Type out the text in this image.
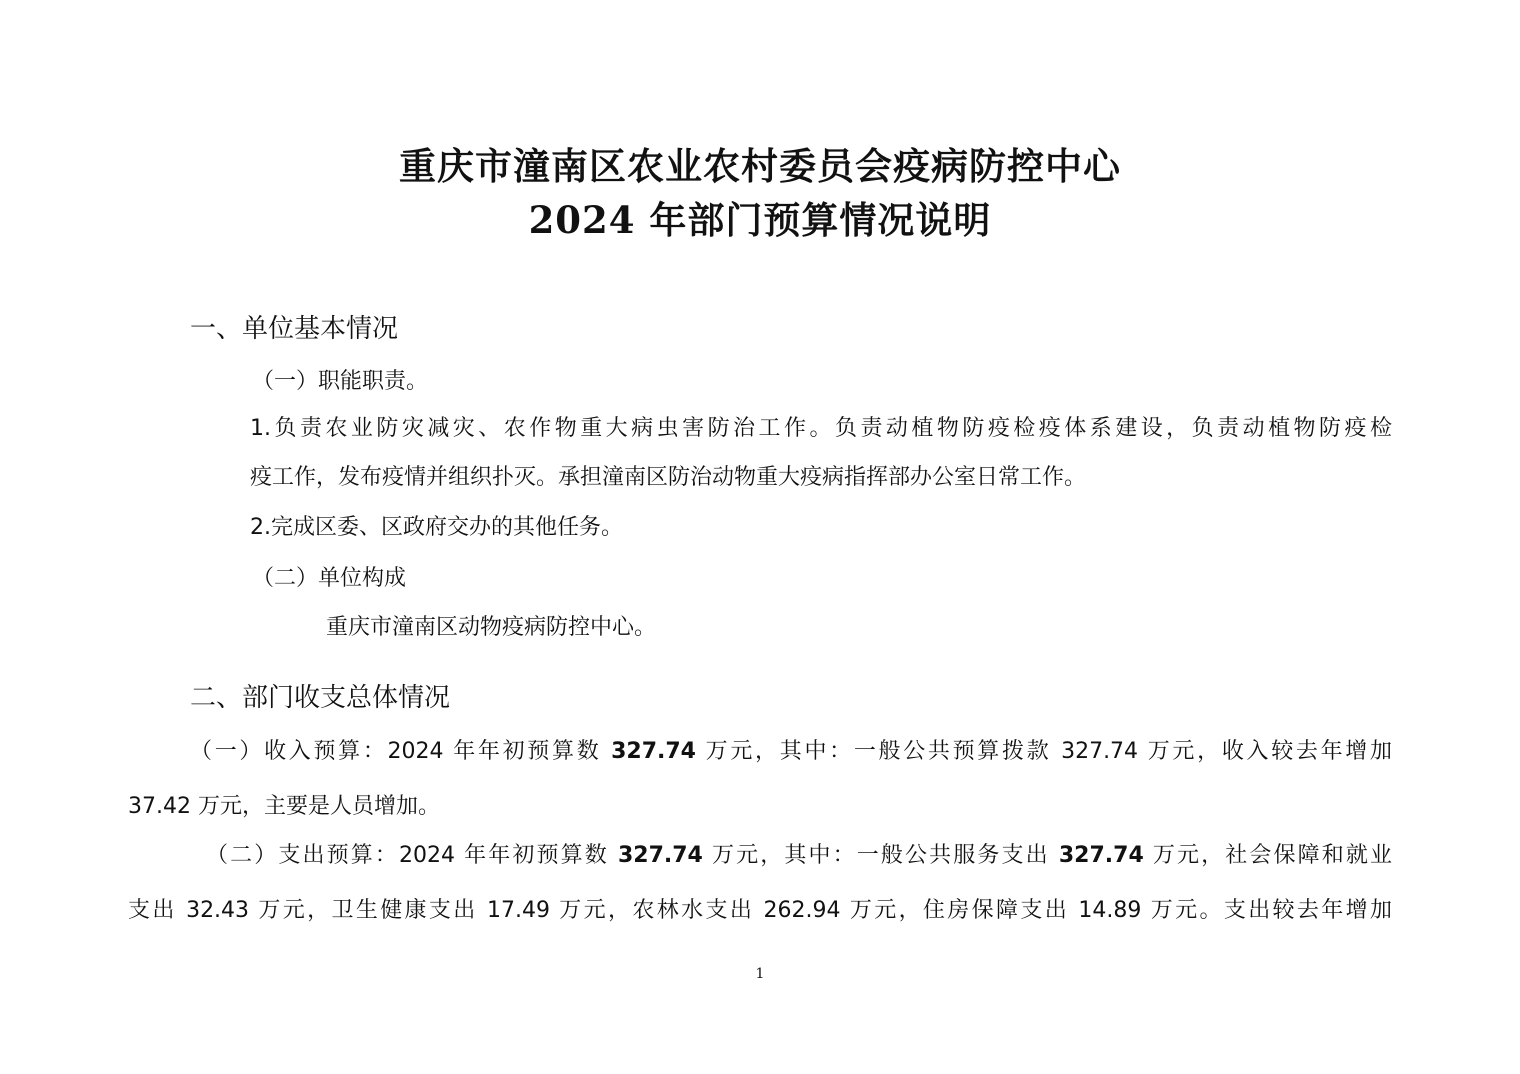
重庆市潼南区农业农村委员会疫病防控中心
2024 年部门预算情况说明
一、单位基本情况
（一）职能职责。
1.负责农业防灾减灾、农作物重大病虫害防治工作。负责动植物防疫检疫体系建设，负责动植物防疫检
疫工作，发布疫情并组织扑灭。承担潼南区防治动物重大疫病指挥部办公室日常工作。
2.完成区委、区政府交办的其他任务。
（二）单位构成
重庆市潼南区动物疫病防控中心。
二、部门收支总体情况
（一）收入预算：2024 年年初预算数 327.74 万元，其中：一般公共预算拨款 327.74 万元，收入较去年增加
37.42 万元，主要是人员增加。
（二）支出预算：2024 年年初预算数 327.74 万元，其中：一般公共服务支出 327.74 万元，社会保障和就业
支出 32.43 万元，卫生健康支出 17.49 万元，农林水支出 262.94 万元，住房保障支出 14.89 万元。支出较去年增加
1
